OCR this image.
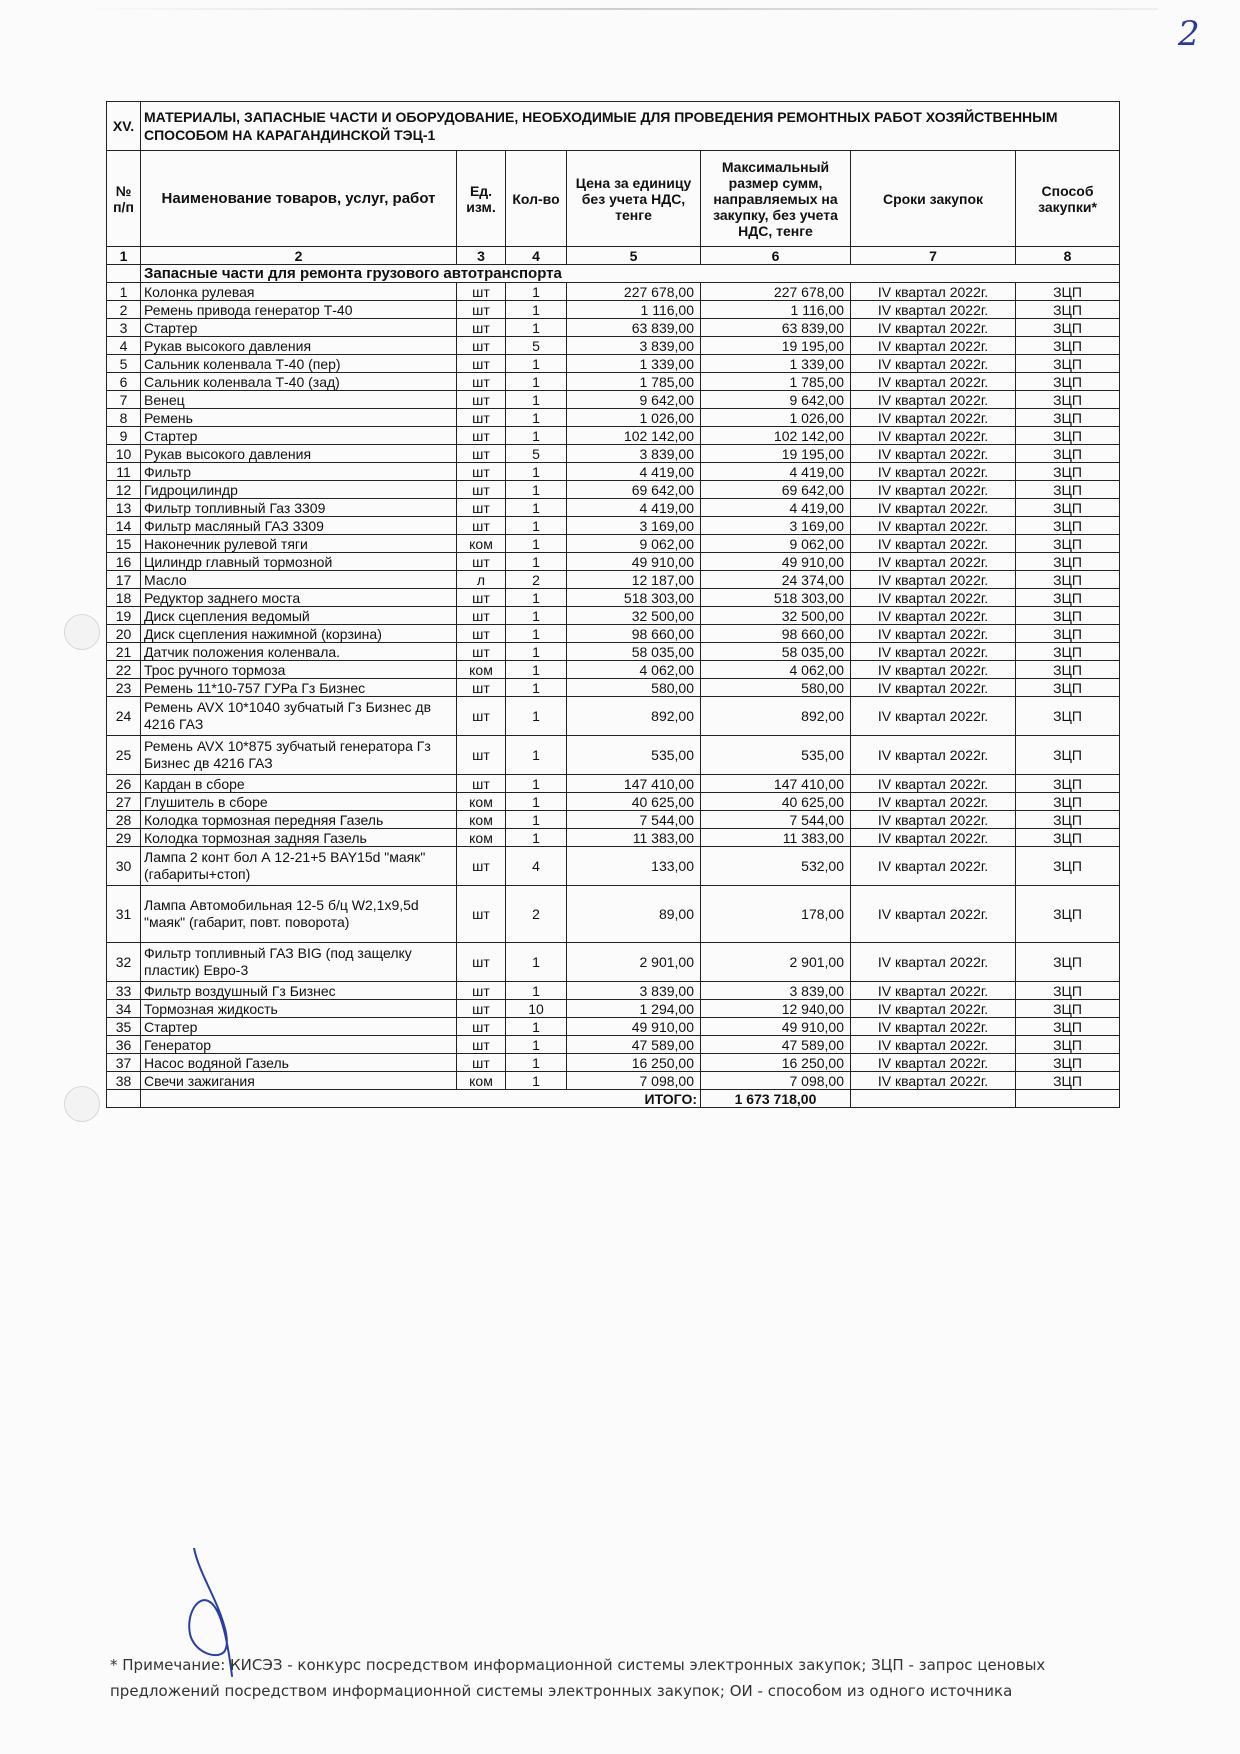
2
XV.	МАТЕРИАЛЫ, ЗАПАСНЫЕ ЧАСТИ И ОБОРУДОВАНИЕ, НЕОБХОДИМЫЕ ДЛЯ ПРОВЕДЕНИЯ РЕМОНТНЫХ РАБОТ ХОЗЯЙСТВЕННЫМ СПОСОБОМ НА КАРАГАНДИНСКОЙ ТЭЦ-1						
№ п/п	Наименование товаров, услуг, работ	Ед. изм.	Кол-во	Цена за единицу без учета НДС, тенге	Максимальный размер сумм, направляемых на закупку, без учета НДС, тенге	Сроки закупок	Способ закупки*
1	2	3	4	5	6	7	8
	Запасные части для ремонта грузового автотранспорта						
1	Колонка рулевая	шт	1	227 678,00	227 678,00	IV квартал 2022г.	ЗЦП
2	Ремень привода генератор Т-40	шт	1	1 116,00	1 116,00	IV квартал 2022г.	ЗЦП
3	Стартер	шт	1	63 839,00	63 839,00	IV квартал 2022г.	ЗЦП
4	Рукав высокого давления	шт	5	3 839,00	19 195,00	IV квартал 2022г.	ЗЦП
5	Сальник коленвала Т-40 (пер)	шт	1	1 339,00	1 339,00	IV квартал 2022г.	ЗЦП
6	Сальник коленвала Т-40 (зад)	шт	1	1 785,00	1 785,00	IV квартал 2022г.	ЗЦП
7	Венец	шт	1	9 642,00	9 642,00	IV квартал 2022г.	ЗЦП
8	Ремень	шт	1	1 026,00	1 026,00	IV квартал 2022г.	ЗЦП
9	Стартер	шт	1	102 142,00	102 142,00	IV квартал 2022г.	ЗЦП
10	Рукав высокого давления	шт	5	3 839,00	19 195,00	IV квартал 2022г.	ЗЦП
11	Фильтр	шт	1	4 419,00	4 419,00	IV квартал 2022г.	ЗЦП
12	Гидроцилиндр	шт	1	69 642,00	69 642,00	IV квартал 2022г.	ЗЦП
13	Фильтр топливный Газ 3309	шт	1	4 419,00	4 419,00	IV квартал 2022г.	ЗЦП
14	Фильтр масляный ГАЗ 3309	шт	1	3 169,00	3 169,00	IV квартал 2022г.	ЗЦП
15	Наконечник рулевой тяги	ком	1	9 062,00	9 062,00	IV квартал 2022г.	ЗЦП
16	Цилиндр главный тормозной	шт	1	49 910,00	49 910,00	IV квартал 2022г.	ЗЦП
17	Масло	л	2	12 187,00	24 374,00	IV квартал 2022г.	ЗЦП
18	Редуктор заднего моста	шт	1	518 303,00	518 303,00	IV квартал 2022г.	ЗЦП
19	Диск сцепления ведомый	шт	1	32 500,00	32 500,00	IV квартал 2022г.	ЗЦП
20	Диск сцепления нажимной (корзина)	шт	1	98 660,00	98 660,00	IV квартал 2022г.	ЗЦП
21	Датчик положения коленвала.	шт	1	58 035,00	58 035,00	IV квартал 2022г.	ЗЦП
22	Трос ручного тормоза	ком	1	4 062,00	4 062,00	IV квартал 2022г.	ЗЦП
23	Ремень 11*10-757 ГУРа Гз Бизнес	шт	1	580,00	580,00	IV квартал 2022г.	ЗЦП
24	Ремень AVX 10*1040 зубчатый Гз Бизнес дв 4216 ГАЗ	шт	1	892,00	892,00	IV квартал 2022г.	ЗЦП
25	Ремень AVX 10*875 зубчатый генератора Гз Бизнес дв 4216 ГАЗ	шт	1	535,00	535,00	IV квартал 2022г.	ЗЦП
26	Кардан в сборе	шт	1	147 410,00	147 410,00	IV квартал 2022г.	ЗЦП
27	Глушитель в сборе	ком	1	40 625,00	40 625,00	IV квартал 2022г.	ЗЦП
28	Колодка тормозная передняя Газель	ком	1	7 544,00	7 544,00	IV квартал 2022г.	ЗЦП
29	Колодка тормозная задняя Газель	ком	1	11 383,00	11 383,00	IV квартал 2022г.	ЗЦП
30	Лампа 2 конт бол А 12-21+5 BAY15d "маяк" (габариты+стоп)	шт	4	133,00	532,00	IV квартал 2022г.	ЗЦП
31	Лампа Автомобильная 12-5 б/ц W2,1x9,5d "маяк" (габарит, повт. поворота)	шт	2	89,00	178,00	IV квартал 2022г.	ЗЦП
32	Фильтр топливный ГАЗ BIG (под защелку пластик) Евро-3	шт	1	2 901,00	2 901,00	IV квартал 2022г.	ЗЦП
33	Фильтр воздушный Гз Бизнес	шт	1	3 839,00	3 839,00	IV квартал 2022г.	ЗЦП
34	Тормозная жидкость	шт	10	1 294,00	12 940,00	IV квартал 2022г.	ЗЦП
35	Стартер	шт	1	49 910,00	49 910,00	IV квартал 2022г.	ЗЦП
36	Генератор	шт	1	47 589,00	47 589,00	IV квартал 2022г.	ЗЦП
37	Насос водяной Газель	шт	1	16 250,00	16 250,00	IV квартал 2022г.	ЗЦП
38	Свечи зажигания	ком	1	7 098,00	7 098,00	IV квартал 2022г.	ЗЦП
	ИТОГО:				1 673 718,00		
* Примечание: КИСЭЗ - конкурс посредством информационной системы электронных закупок; ЗЦП - запрос ценовых предложений посредством информационной системы электронных закупок; ОИ - способом из одного источника
